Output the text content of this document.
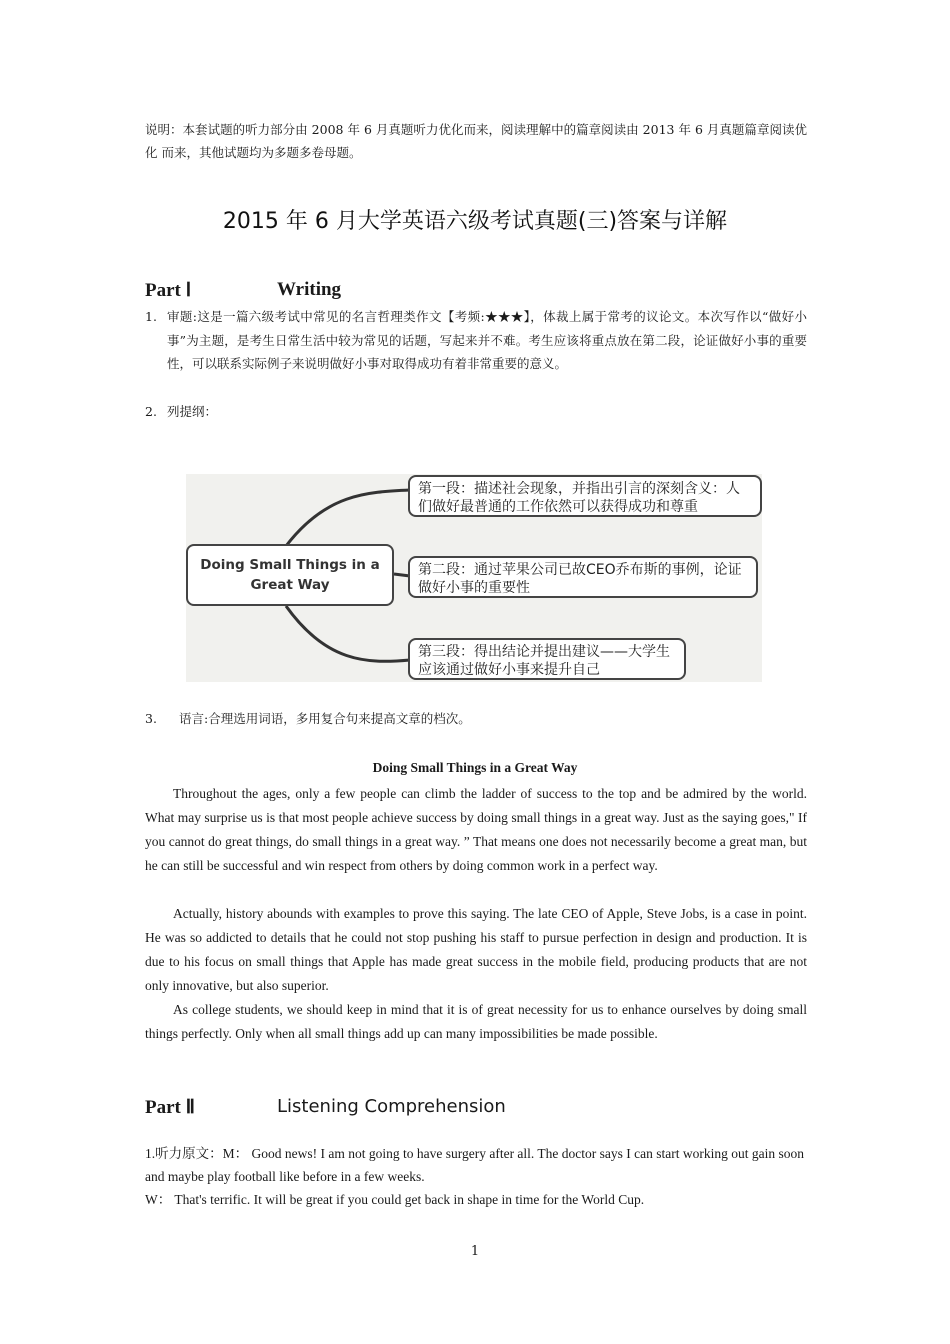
说明：本套试题的听力部分由 2008 年 6 月真题听力优化而来，阅读理解中的篇章阅读由 2013 年 6 月真题篇章阅读优化 而来，其他试题均为多题多卷母题。
2015 年 6 月大学英语六级考试真题(三)答案与详解
Part Ⅰ	Writing
1. 审题:这是一篇六级考试中常见的名言哲理类作文【考频:★★★】，体裁上属于常考的议论文。本次写作以“做好小 事”为主题，是考生日常生活中较为常见的话题，写起来并不难。考生应该将重点放在第二段，论证做好小事的重要 性，可以联系实际例子来说明做好小事对取得成功有着非常重要的意义。
2. 列提纲：
Doing Small Things in a Great Way
第一段：描述社会现象，并指出引言的深刻含义：人们做好最普通的工作依然可以获得成功和尊重
第二段：通过苹果公司已故CEO乔布斯的事例，论证做好小事的重要性
第三段：得出结论并提出建议——大学生应该通过做好小事来提升自己
3. 语言:合理选用词语，多用复合句来提高文章的档次。
Doing Small Things in a Great Way
Throughout the ages, only a few people can climb the ladder of success to the top and be admired by the world. What may surprise us is that most people achieve success by doing small things in a great way. Just as the saying goes," If you cannot do great things, do small things in a great way. ” That means one does not necessarily become a great man, but he can still be successful and win respect from others by doing common work in a perfect way.
Actually, history abounds with examples to prove this saying. The late CEO of Apple, Steve Jobs, is a case in point. He was so addicted to details that he could not stop pushing his staff to pursue perfection in design and production. It is due to his focus on small things that Apple has made great success in the mobile field, producing products that are not only innovative, but also superior.
As college students, we should keep in mind that it is of great necessity for us to enhance ourselves by doing small things perfectly. Only when all small things add up can many impossibilities be made possible.
Part Ⅱ	Listening Comprehension
1.听力原文：M： Good news! I am not going to have surgery after all. The doctor says I can start working out gain soon and maybe play football like before in a few weeks.
W： That's terrific. It will be great if you could get back in shape in time for the World Cup.
1
